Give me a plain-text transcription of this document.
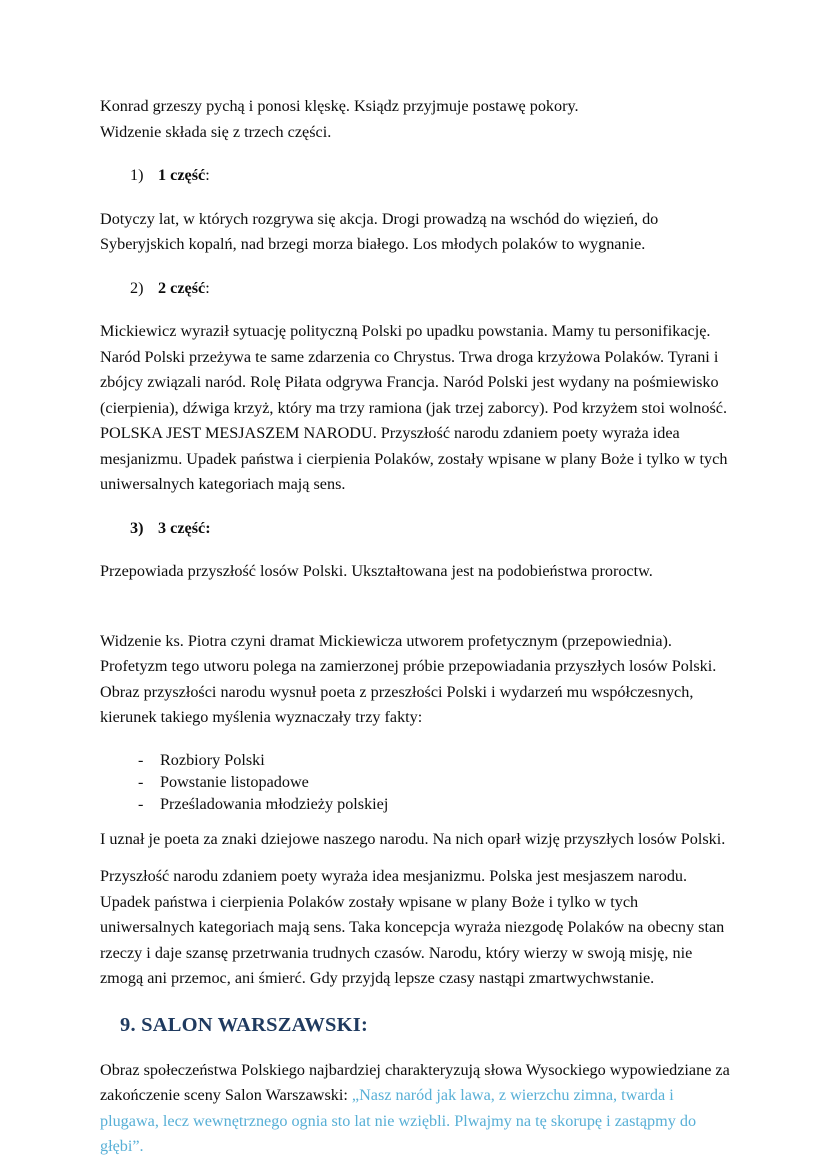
Konrad grzeszy pychą i ponosi klęskę. Ksiądz przyjmuje postawę pokory.
Widzenie składa się z trzech części.

1) 1 część:

Dotyczy lat, w których rozgrywa się akcja. Drogi prowadzą na wschód do więzień, do Syberyjskich kopalń, nad brzegi morza białego. Los młodych polaków to wygnanie.

2) 2 część:

Mickiewicz wyraził sytuację polityczną Polski po upadku powstania. Mamy tu personifikację. Naród Polski przeżywa te same zdarzenia co Chrystus. Trwa droga krzyżowa Polaków. Tyrani i zbójcy związali naród. Rolę Piłata odgrywa Francja. Naród Polski jest wydany na pośmiewisko (cierpienia), dźwiga krzyż, który ma trzy ramiona (jak trzej zaborcy). Pod krzyżem stoi wolność. POLSKA JEST MESJASZEM NARODU. Przyszłość narodu zdaniem poety wyraża idea mesjanizmu. Upadek państwa i cierpienia Polaków, zostały wpisane w plany Boże i tylko w tych uniwersalnych kategoriach mają sens.

3) 3 część:

Przepowiada przyszłość losów Polski. Ukształtowana jest na podobieństwa proroctw.

Widzenie ks. Piotra czyni dramat Mickiewicza utworem profetycznym (przepowiednia). Profetyzm tego utworu polega na zamierzonej próbie przepowiadania przyszłych losów Polski. Obraz przyszłości narodu wysnuł poeta z przeszłości Polski i wydarzeń mu współczesnych, kierunek takiego myślenia wyznaczały trzy fakty:

- Rozbiory Polski
- Powstanie listopadowe
- Prześladowania młodzieży polskiej

I uznał je poeta za znaki dziejowe naszego narodu. Na nich oparł wizję przyszłych losów Polski.

Przyszłość narodu zdaniem poety wyraża idea mesjanizmu. Polska jest mesjaszem narodu. Upadek państwa i cierpienia Polaków zostały wpisane w plany Boże i tylko w tych uniwersalnych kategoriach mają sens. Taka koncepcja wyraża niezgodę Polaków na obecny stan rzeczy i daje szansę przetrwania trudnych czasów. Narodu, który wierzy w swoją misję, nie zmogą ani przemoc, ani śmierć. Gdy przyjdą lepsze czasy nastąpi zmartwychwstanie.

9. SALON WARSZAWSKI:

Obraz społeczeństwa Polskiego najbardziej charakteryzują słowa Wysockiego wypowiedziane za zakończenie sceny Salon Warszawski: „Nasz naród jak lawa, z wierzchu zimna, twarda i plugawa, lecz wewnętrznego ognia sto lat nie wziębli. Plwajmy na tę skorupę i zastąpmy do głębi”.
